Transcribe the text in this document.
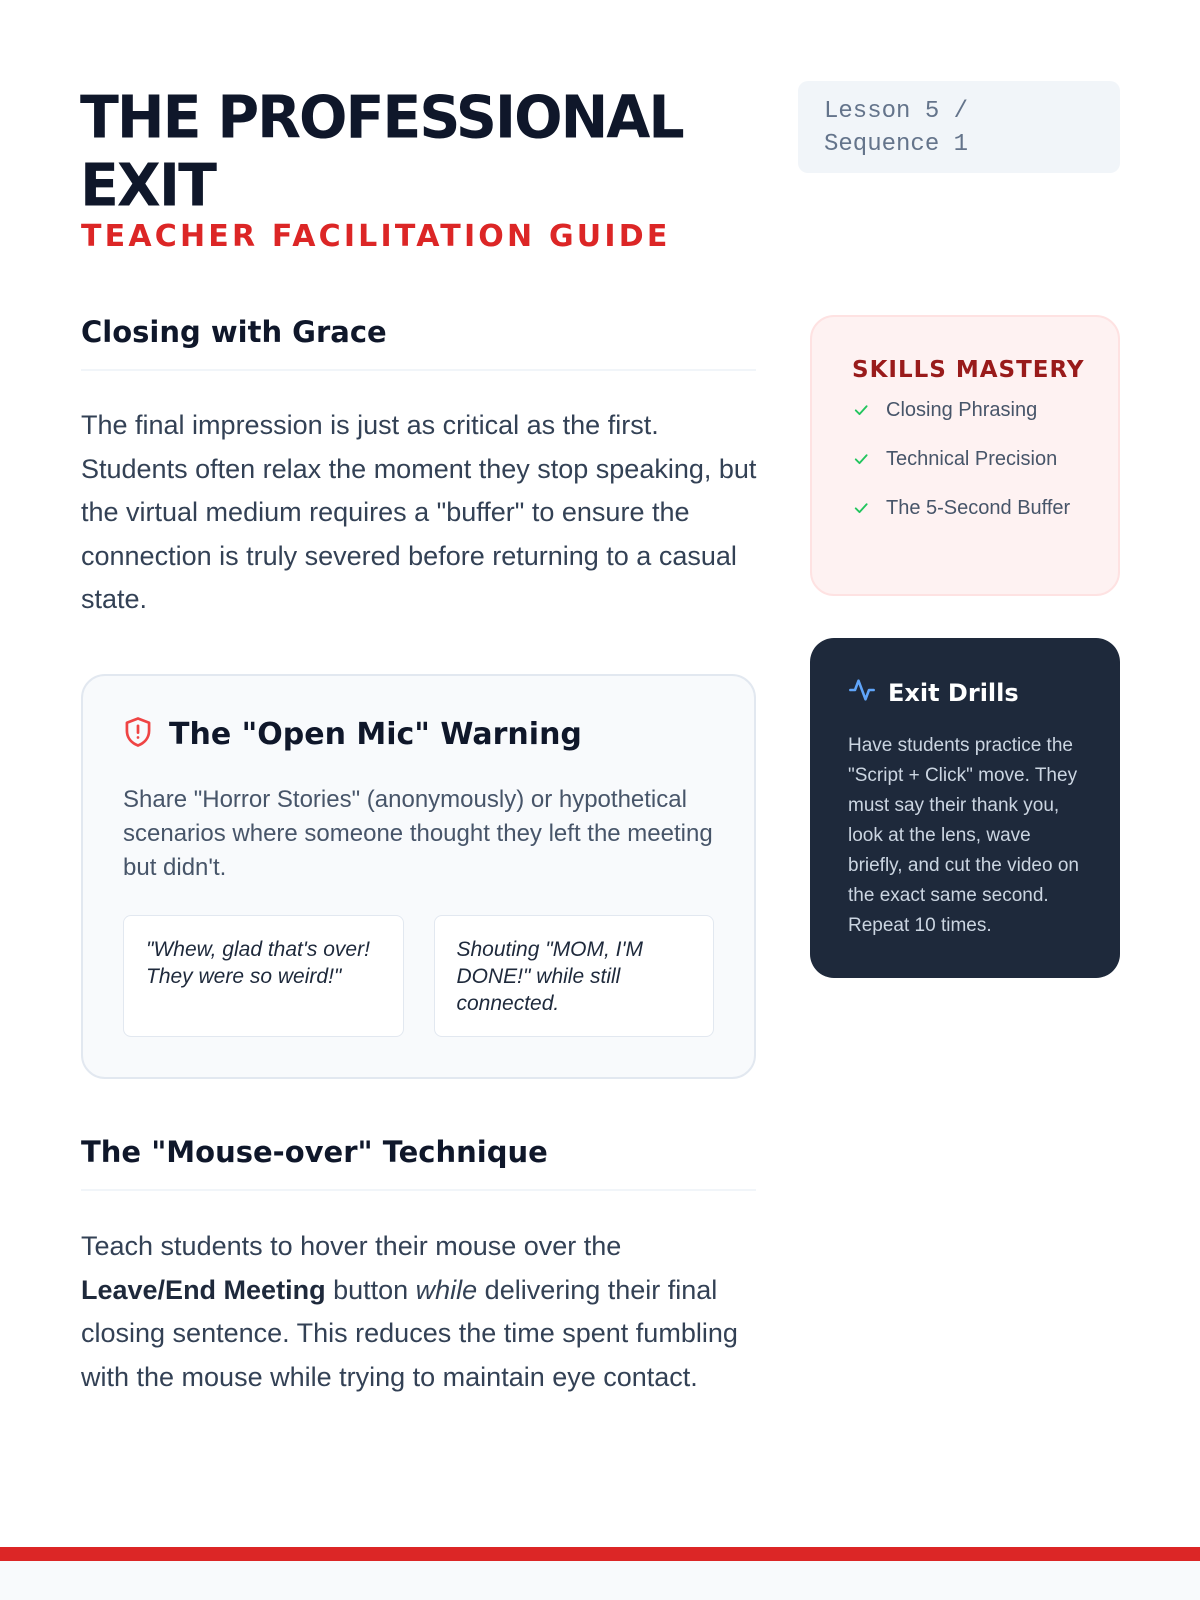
THE PROFESSIONAL EXIT
TEACHER FACILITATION GUIDE
Lesson 5 / Sequence 1
Closing with Grace

The final impression is just as critical as the first. Students often relax the moment they stop speaking, but the virtual medium requires a "buffer" to ensure the connection is truly severed before returning to a casual state.

The "Open Mic" Warning

Share "Horror Stories" (anonymously) or hypothetical scenarios where someone thought they left the meeting but didn't.

"Whew, glad that's over! They were so weird!"
Shouting "MOM, I'M DONE!" while still connected.
The "Mouse-over" Technique

Teach students to hover their mouse over the Leave/End Meeting button while delivering their final closing sentence. This reduces the time spent fumbling with the mouse while trying to maintain eye contact.

SKILLS MASTERY
Closing Phrasing
Technical Precision
The 5-Second Buffer
Exit Drills

Have students practice the "Script + Click" move. They must say their thank you, look at the lens, wave briefly, and cut the video on the exact same second. Repeat 10 times.
